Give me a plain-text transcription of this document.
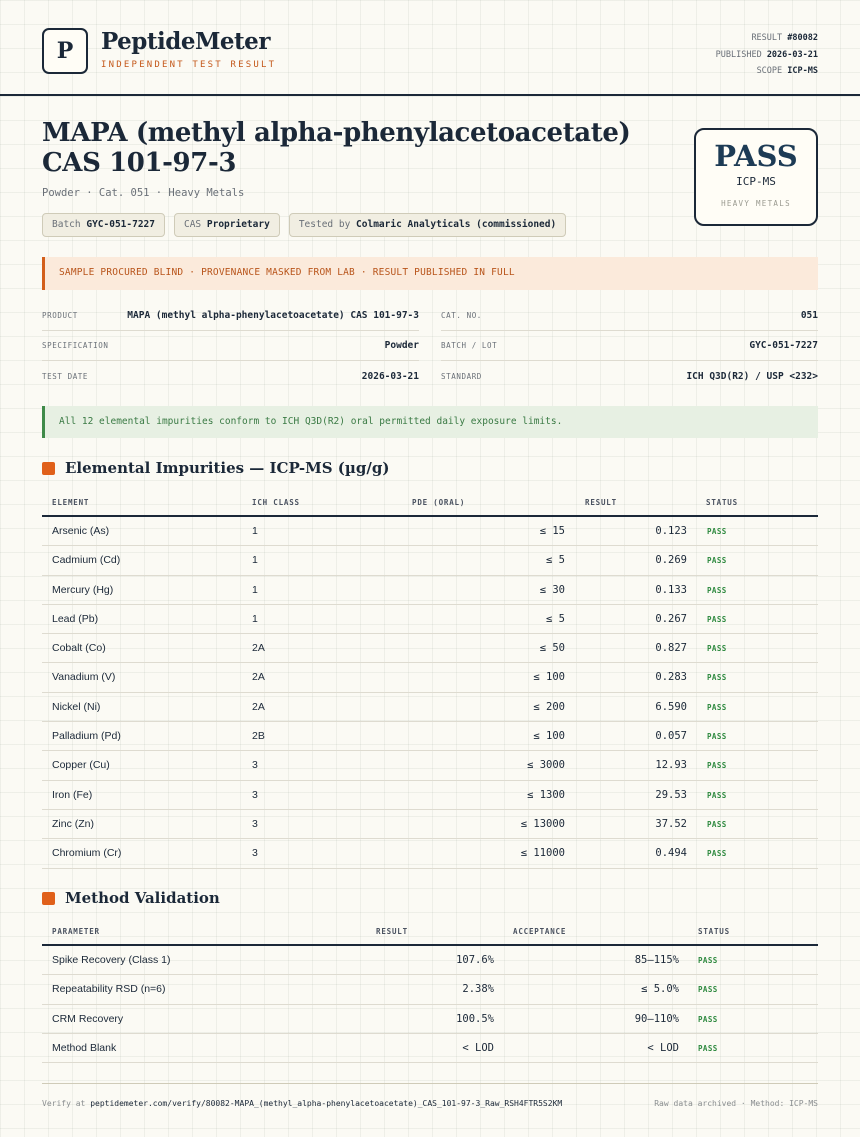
P	PeptideMeter
INDEPENDENT TEST RESULT
RESULT #80082
PUBLISHED 2026-03-21
SCOPE ICP-MS
MAPA (methyl alpha-phenylacetoacetate) CAS 101-97-3
Powder · Cat. 051 · Heavy Metals
Batch GYC-051-7227	CAS Proprietary	Tested by Colmaric Analyticals (commissioned)
PASS
ICP-MS
HEAVY METALS
SAMPLE PROCURED BLIND · PROVENANCE MASKED FROM LAB · RESULT PUBLISHED IN FULL
PRODUCT	MAPA (methyl alpha-phenylacetoacetate) CAS 101-97-3
SPECIFICATION	Powder
TEST DATE	2026-03-21
CAT. NO.	051
BATCH / LOT	GYC-051-7227
STANDARD	ICH Q3D(R2) / USP <232>
All 12 elemental impurities conform to ICH Q3D(R2) oral permitted daily exposure limits.
Elemental Impurities — ICP-MS (µg/g)
ELEMENT	ICH CLASS	PDE (ORAL)	RESULT	STATUS
Arsenic (As)	1	≤ 15	0.123	PASS
Cadmium (Cd)	1	≤ 5	0.269	PASS
Mercury (Hg)	1	≤ 30	0.133	PASS
Lead (Pb)	1	≤ 5	0.267	PASS
Cobalt (Co)	2A	≤ 50	0.827	PASS
Vanadium (V)	2A	≤ 100	0.283	PASS
Nickel (Ni)	2A	≤ 200	6.590	PASS
Palladium (Pd)	2B	≤ 100	0.057	PASS
Copper (Cu)	3	≤ 3000	12.93	PASS
Iron (Fe)	3	≤ 1300	29.53	PASS
Zinc (Zn)	3	≤ 13000	37.52	PASS
Chromium (Cr)	3	≤ 11000	0.494	PASS
Method Validation
PARAMETER	RESULT	ACCEPTANCE	STATUS
Spike Recovery (Class 1)	107.6%	85–115%	PASS
Repeatability RSD (n=6)	2.38%	≤ 5.0%	PASS
CRM Recovery	100.5%	90–110%	PASS
Method Blank	< LOD	< LOD	PASS
Verify at peptidemeter.com/verify/80082-MAPA_(methyl_alpha-phenylacetoacetate)_CAS_101-97-3_Raw_RSH4FTR5S2KM	Raw data archived · Method: ICP-MS
